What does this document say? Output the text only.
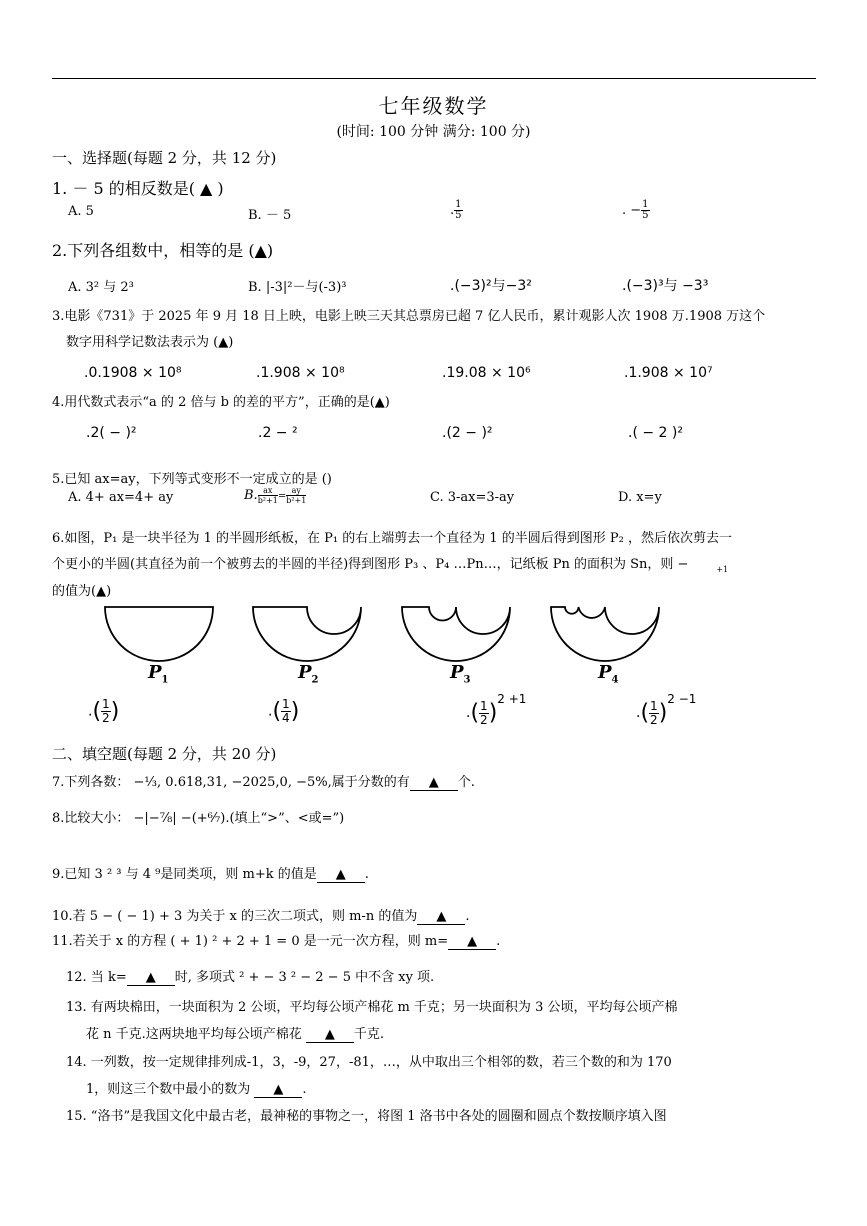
七年级数学
(时间: 100 分钟 满分: 100 分)
一、选择题(每题 2 分，共 12 分)
1. － 5 的相反数是( ▲ )
A. 5	B. － 5	. $\frac{1}{5}$	. − $\frac{1}{5}$
2.下列各组数中，相等的是 (▲)
A. 3² 与 2³	B. |-3|²－与(-3)³	.(−3)²与−3²	.(−3)³与 −3³
3.电影《731》于 2025 年 9 月 18 日上映，电影上映三天其总票房已超 7 亿人民币，累计观影人次 1908 万.1908 万这个
数字用科学记数法表示为 (▲)
.0.1908 × 10⁸	.1.908 × 10⁸	.19.08 × 10⁶	.1.908 × 10⁷
4.用代数式表示“a 的 2 倍与 b 的差的平方”，正确的是(▲)
.2( − )²	.2 − ²	.(2 − )²	.( − 2 )²
5.已知 ax=ay，下列等式变形不一定成立的是 ()
A. 4+ ax=4+ ay	B. $\frac{ax}{\text{b²+1}} = \frac{ay}{\text{b²+1}}$	C. 3-ax=3-ay	D. x=y
6.如图，P₁ 是一块半径为 1 的半圆形纸板，在 P₁ 的右上端剪去一个直径为 1 的半圆后得到图形 P₂ ，然后依次剪去一
个更小的半圆(其直径为前一个被剪去的半圆的半径)得到图形 P₃ 、P₄ …Pn…，记纸板 Pn 的面积为 Sn，则 −	$_{+1}$
的值为(▲)
$P_1$	$P_2$	$P_3$	$P_4$
.( $\frac{1}{2}$ )	.( $\frac{1}{4}$ )	.( $\frac{1}{2} )2 +1$
.( $\frac{1}{2} )2 -1$
二、填空题(每题 2 分，共 20 分)
7.下列各数： −¹⁄₃, 0.618,31, −2025,0, −5%,属于分数的有 ▲ 个.
8.比较大小： −|−⁷⁄₈| −(+⁶⁄₇).(填上“>”、<或=”)
9.已知 3 ² ³ 与 4 ⁹是同类项，则 m+k 的值是 ▲ .
10.若 5 − ( − 1) + 3 为关于 x 的三次二项式，则 m-n 的值为 ▲ .
11.若关于 x 的方程 ( + 1) ² + 2 + 1 = 0 是一元一次方程，则 m= ▲ .
12. 当 k= ▲ 时, 多项式 ² + − 3 ² − 2 − 5 中不含 xy 项.
13. 有两块棉田，一块面积为 2 公顷，平均每公顷产棉花 m 千克；另一块面积为 3 公顷，平均每公顷产棉
花 n 千克.这两块地平均每公顷产棉花 ▲ 千克.
14. 一列数，按一定规律排列成-1，3，-9，27，-81，…，从中取出三个相邻的数，若三个数的和为 170
1，则这三个数中最小的数为 ▲ .
15. “洛书”是我国文化中最古老，最神秘的事物之一，将图 1 洛书中各处的圆圈和圆点个数按顺序填入图
